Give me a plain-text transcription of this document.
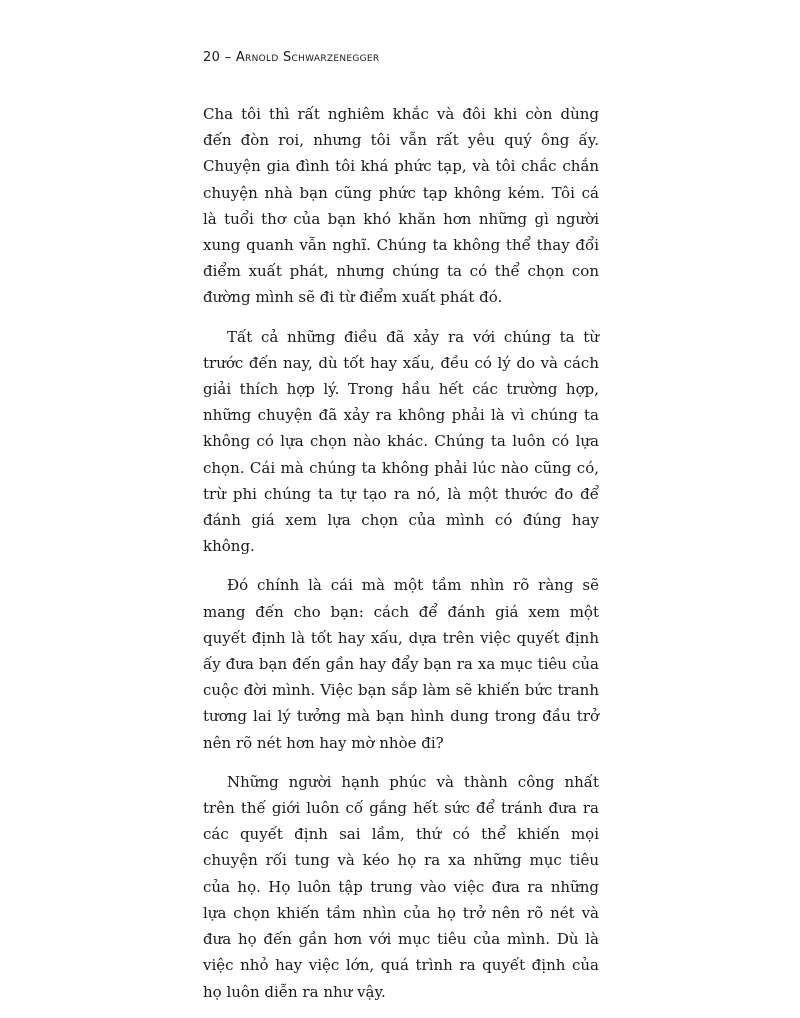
20 – Arnold Schwarzenegger

Cha tôi thì rất nghiêm khắc và đôi khi còn dùng đến đòn roi, nhưng tôi vẫn rất yêu quý ông ấy. Chuyện gia đình tôi khá phức tạp, và tôi chắc chắn chuyện nhà bạn cũng phức tạp không kém. Tôi cá là tuổi thơ của bạn khó khăn hơn những gì người xung quanh vẫn nghĩ. Chúng ta không thể thay đổi điểm xuất phát, nhưng chúng ta có thể chọn con đường mình sẽ đi từ điểm xuất phát đó.

Tất cả những điều đã xảy ra với chúng ta từ trước đến nay, dù tốt hay xấu, đều có lý do và cách giải thích hợp lý. Trong hầu hết các trường hợp, những chuyện đã xảy ra không phải là vì chúng ta không có lựa chọn nào khác. Chúng ta luôn có lựa chọn. Cái mà chúng ta không phải lúc nào cũng có, trừ phi chúng ta tự tạo ra nó, là một thước đo để đánh giá xem lựa chọn của mình có đúng hay không.

Đó chính là cái mà một tầm nhìn rõ ràng sẽ mang đến cho bạn: cách để đánh giá xem một quyết định là tốt hay xấu, dựa trên việc quyết định ấy đưa bạn đến gần hay đẩy bạn ra xa mục tiêu của cuộc đời mình. Việc bạn sắp làm sẽ khiến bức tranh tương lai lý tưởng mà bạn hình dung trong đầu trở nên rõ nét hơn hay mờ nhòe đi?

Những người hạnh phúc và thành công nhất trên thế giới luôn cố gắng hết sức để tránh đưa ra các quyết định sai lầm, thứ có thể khiến mọi chuyện rối tung và kéo họ ra xa những mục tiêu của họ. Họ luôn tập trung vào việc đưa ra những lựa chọn khiến tầm nhìn của họ trở nên rõ nét và đưa họ đến gần hơn với mục tiêu của mình. Dù là việc nhỏ hay việc lớn, quá trình ra quyết định của họ luôn diễn ra như vậy.
